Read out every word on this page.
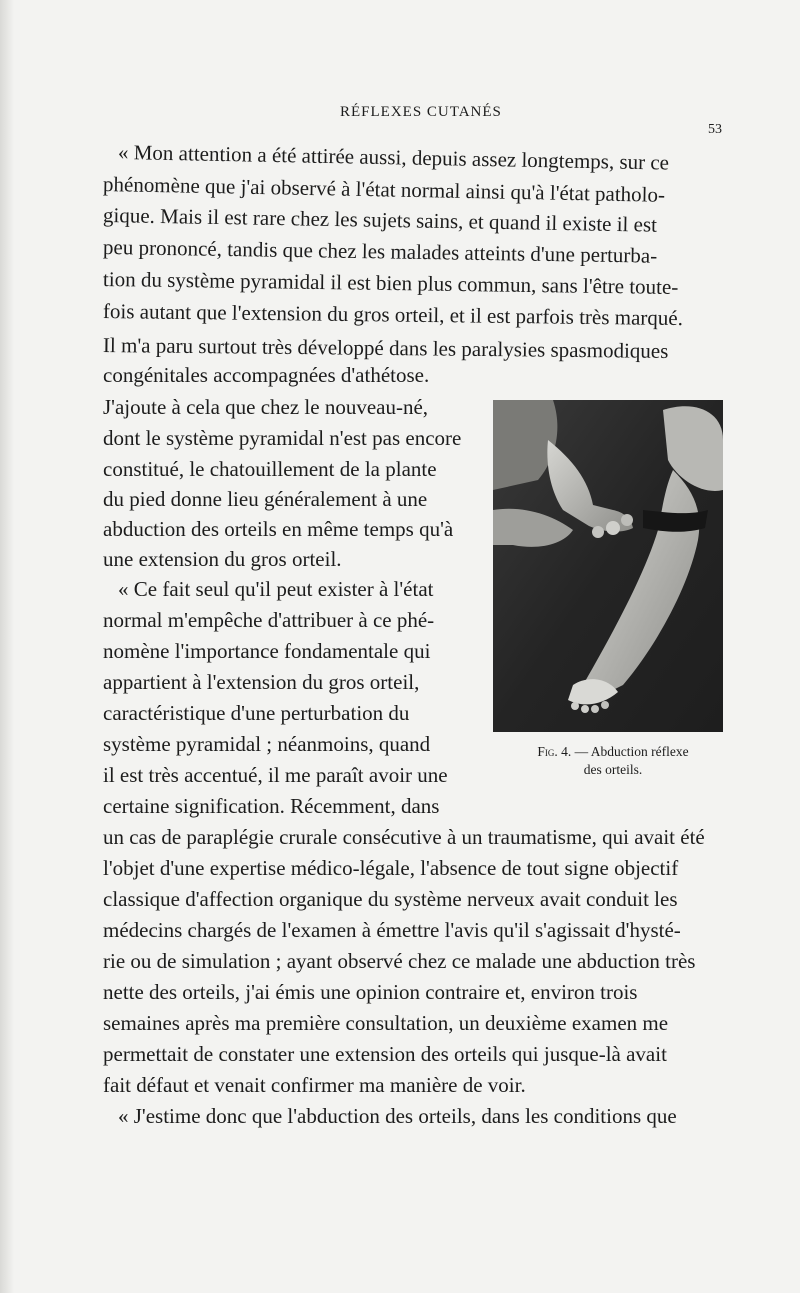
RÉFLEXES CUTANÉS
53
« Mon attention a été attirée aussi, depuis assez longtemps, sur ce
phénomène que j'ai observé à l'état normal ainsi qu'à l'état patholo-
gique. Mais il est rare chez les sujets sains, et quand il existe il est
peu prononcé, tandis que chez les malades atteints d'une perturba-
tion du système pyramidal il est bien plus commun, sans l'être toute-
fois autant que l'extension du gros orteil, et il est parfois très marqué.
Il m'a paru surtout très développé dans les paralysies spasmodiques
congénitales accompagnées d'athétose.
J'ajoute à cela que chez le nouveau-né,
dont le système pyramidal n'est pas encore
constitué, le chatouillement de la plante
du pied donne lieu généralement à une
abduction des orteils en même temps qu'à
une extension du gros orteil.
« Ce fait seul qu'il peut exister à l'état
normal m'empêche d'attribuer à ce phé-
nomène l'importance fondamentale qui
appartient à l'extension du gros orteil,
caractéristique d'une perturbation du
système pyramidal ; néanmoins, quand
il est très accentué, il me paraît avoir une
certaine signification. Récemment, dans
un cas de paraplégie crurale consécutive à un traumatisme, qui avait été
l'objet d'une expertise médico-légale, l'absence de tout signe objectif
classique d'affection organique du système nerveux avait conduit les
médecins chargés de l'examen à émettre l'avis qu'il s'agissait d'hysté-
rie ou de simulation ; ayant observé chez ce malade une abduction très
nette des orteils, j'ai émis une opinion contraire et, environ trois
semaines après ma première consultation, un deuxième examen me
permettait de constater une extension des orteils qui jusque-là avait
fait défaut et venait confirmer ma manière de voir.
« J'estime donc que l'abduction des orteils, dans les conditions que
Fig. 4. — Abduction réflexe
des orteils.
